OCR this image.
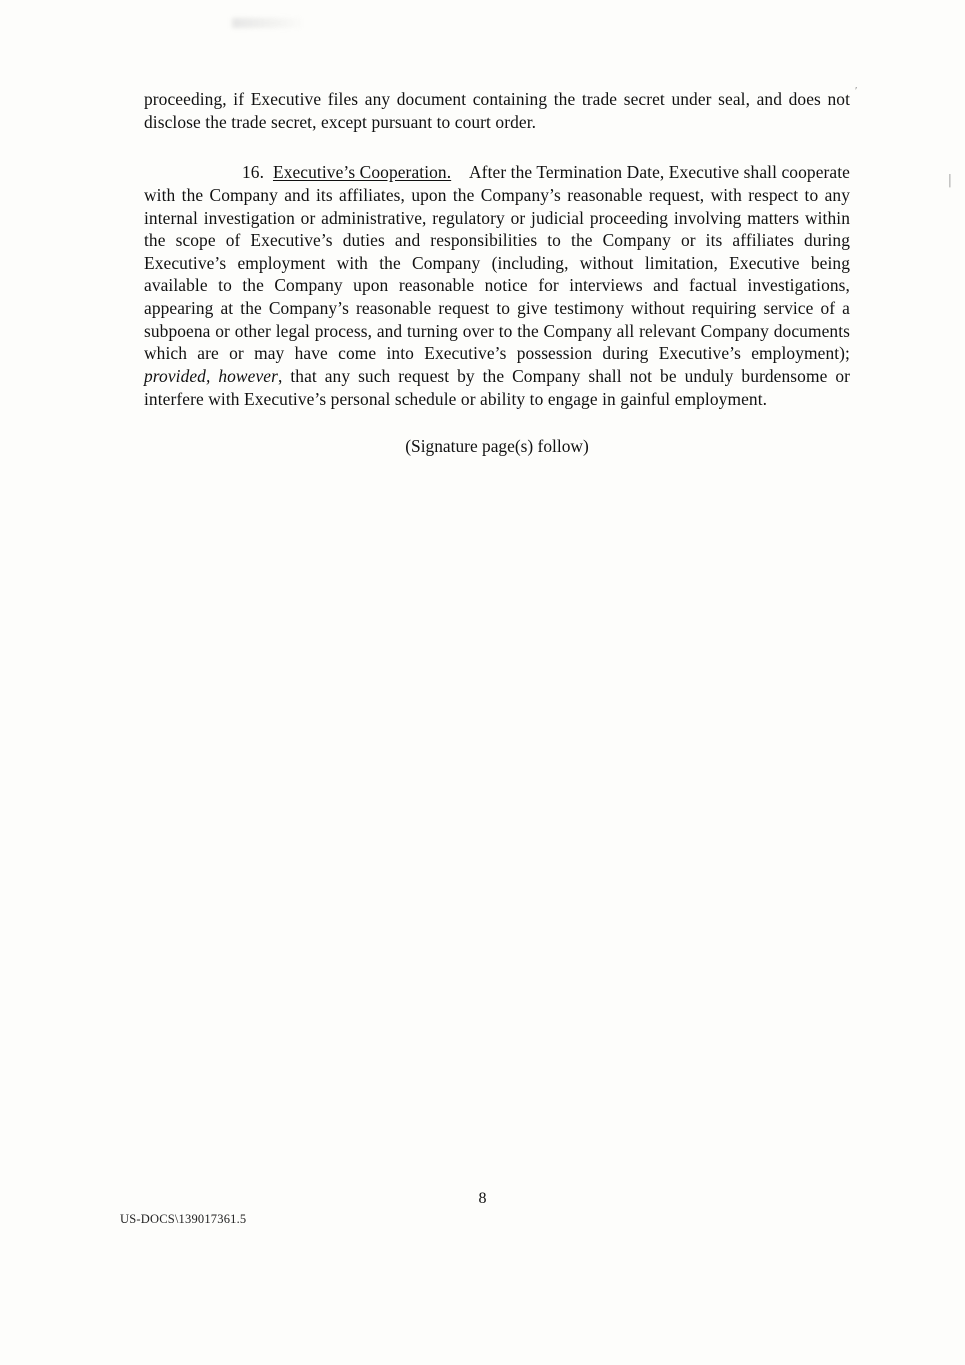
′
│

proceeding, if Executive files any document containing the trade secret under seal, and does not disclose the trade secret, except pursuant to court order.

16. Executive’s Cooperation. After the Termination Date, Executive shall cooperate with the Company and its affiliates, upon the Company’s reasonable request, with respect to any internal investigation or administrative, regulatory or judicial proceeding involving matters within the scope of Executive’s duties and responsibilities to the Company or its affiliates during Executive’s employment with the Company (including, without limitation, Executive being available to the Company upon reasonable notice for interviews and factual investigations, appearing at the Company’s reasonable request to give testimony without requiring service of a subpoena or other legal process, and turning over to the Company all relevant Company documents which are or may have come into Executive’s possession during Executive’s employment); provided, however, that any such request by the Company shall not be unduly burdensome or interfere with Executive’s personal schedule or ability to engage in gainful employment.

(Signature page(s) follow)

8
US-DOCS\139017361.5
